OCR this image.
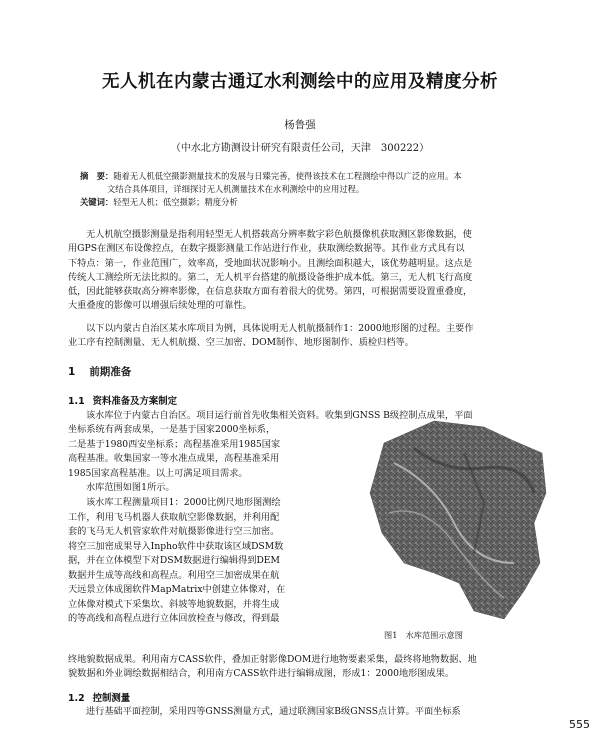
无人机在内蒙古通辽水利测绘中的应用及精度分析
杨鲁强
（中水北方勘测设计研究有限责任公司，天津　300222）
摘　要：随着无人机低空摄影测量技术的发展与日臻完善，使得该技术在工程测绘中得以广泛的应用。本
文结合具体项目，详细探讨无人机测量技术在水利测绘中的应用过程。
关键词：轻型无人机；低空摄影；精度分析
无人机航空摄影测量是指利用轻型无人机搭载高分辨率数字彩色航摄像机获取测区影像数据，使
用GPS在测区布设像控点，在数字摄影测量工作站进行作业，获取测绘数据等。其作业方式具有以
下特点：第一，作业范围广，效率高，受地面状况影响小。且测绘面积越大，该优势越明显。这点是
传统人工测绘所无法比拟的。第二，无人机平台搭建的航摄设备维护成本低。第三，无人机飞行高度
低，因此能够获取高分辨率影像，在信息获取方面有着很大的优势。第四，可根据需要设置重叠度，
大重叠度的影像可以增强后续处理的可靠性。
以下以内蒙古自治区某水库项目为例，具体说明无人机航摄制作1：2000地形图的过程。主要作
业工序有控制测量、无人机航摄、空三加密、DOM制作、地形图制作、质检归档等。
1 前期准备
1.1 资料准备及方案制定
该水库位于内蒙古自治区。项目运行前首先收集相关资料。收集到GNSS B级控制点成果，平面
坐标系统有两套成果，一是基于国家2000坐标系，
二是基于1980西安坐标系；高程基准采用1985国家
高程基准。收集国家一等水准点成果，高程基准采用
1985国家高程基准。以上可满足项目需求。
水库范围如图1所示。
该水库工程测量项目1：2000比例尺地形图测绘
工作，利用飞马机器人获取航空影像数据，并利用配
套的飞马无人机管家软件对航摄影像进行空三加密。
将空三加密成果导入Inpho软件中获取该区域DSM数
据，并在立体模型下对DSM数据进行编辑得到DEM
数据并生成等高线和高程点。利用空三加密成果在航
天远景立体成图软件MapMatrix中创建立体像对，在
立体像对模式下采集坎、斜坡等地貌数据，并将生成
的等高线和高程点进行立体回放检查与修改，得到最
终地貌数据成果。利用南方CASS软件，叠加正射影像DOM进行地物要素采集，最终将地物数据、地
貌数据和外业调绘数据相结合，利用南方CASS软件进行编辑成图，形成1：2000地形图成果。
1.2 控制测量
进行基础平面控制，采用四等GNSS测量方式，通过联测国家B级GNSS点计算。平面坐标系
图1　水库范围示意图
555
